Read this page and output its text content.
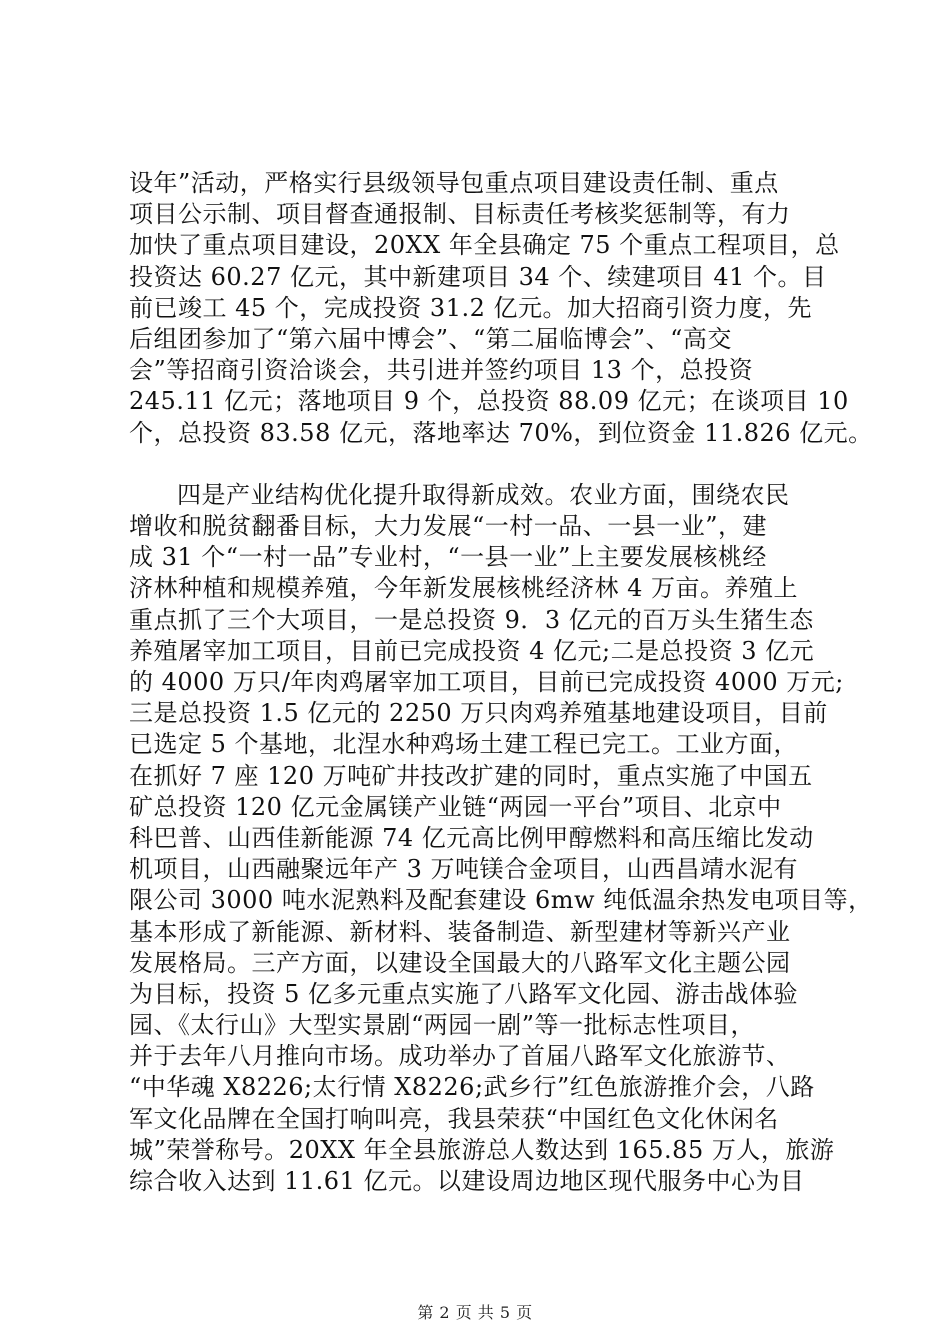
设年”活动，严格实行县级领导包重点项目建设责任制、重点
项目公示制、项目督查通报制、目标责任考核奖惩制等，有力
加快了重点项目建设，20XX 年全县确定 75 个重点工程项目，总
投资达 60.27 亿元，其中新建项目 34 个、续建项目 41 个。目
前已竣工 45 个，完成投资 31.2 亿元。加大招商引资力度，先
后组团参加了“第六届中博会”、“第二届临博会”、“高交
会”等招商引资洽谈会，共引进并签约项目 13 个，总投资
245.11 亿元；落地项目 9 个，总投资 88.09 亿元；在谈项目 10
个，总投资 83.58 亿元，落地率达 70%，到位资金 11.826 亿元。
四是产业结构优化提升取得新成效。农业方面，围绕农民
增收和脱贫翻番目标，大力发展“一村一品、一县一业”，建
成 31 个“一村一品”专业村，“一县一业”上主要发展核桃经
济林种植和规模养殖，今年新发展核桃经济林 4 万亩。养殖上
重点抓了三个大项目，一是总投资 9．3 亿元的百万头生猪生态
养殖屠宰加工项目，目前已完成投资 4 亿元;二是总投资 3 亿元
的 4000 万只/年肉鸡屠宰加工项目，目前已完成投资 4000 万元;
三是总投资 1.5 亿元的 2250 万只肉鸡养殖基地建设项目，目前
已选定 5 个基地，北涅水种鸡场土建工程已完工。工业方面，
在抓好 7 座 120 万吨矿井技改扩建的同时，重点实施了中国五
矿总投资 120 亿元金属镁产业链“两园一平台”项目、北京中
科巴普、山西佳新能源 74 亿元高比例甲醇燃料和高压缩比发动
机项目，山西融聚远年产 3 万吨镁合金项目，山西昌靖水泥有
限公司 3000 吨水泥熟料及配套建设 6mw 纯低温余热发电项目等，
基本形成了新能源、新材料、装备制造、新型建材等新兴产业
发展格局。三产方面，以建设全国最大的八路军文化主题公园
为目标，投资 5 亿多元重点实施了八路军文化园、游击战体验
园、《太行山》大型实景剧“两园一剧”等一批标志性项目，
并于去年八月推向市场。成功举办了首届八路军文化旅游节、
“中华魂 X8226;太行情 X8226;武乡行”红色旅游推介会，八路
军文化品牌在全国打响叫亮，我县荣获“中国红色文化休闲名
城”荣誉称号。20XX 年全县旅游总人数达到 165.85 万人，旅游
综合收入达到 11.61 亿元。以建设周边地区现代服务中心为目
第 2 页 共 5 页
